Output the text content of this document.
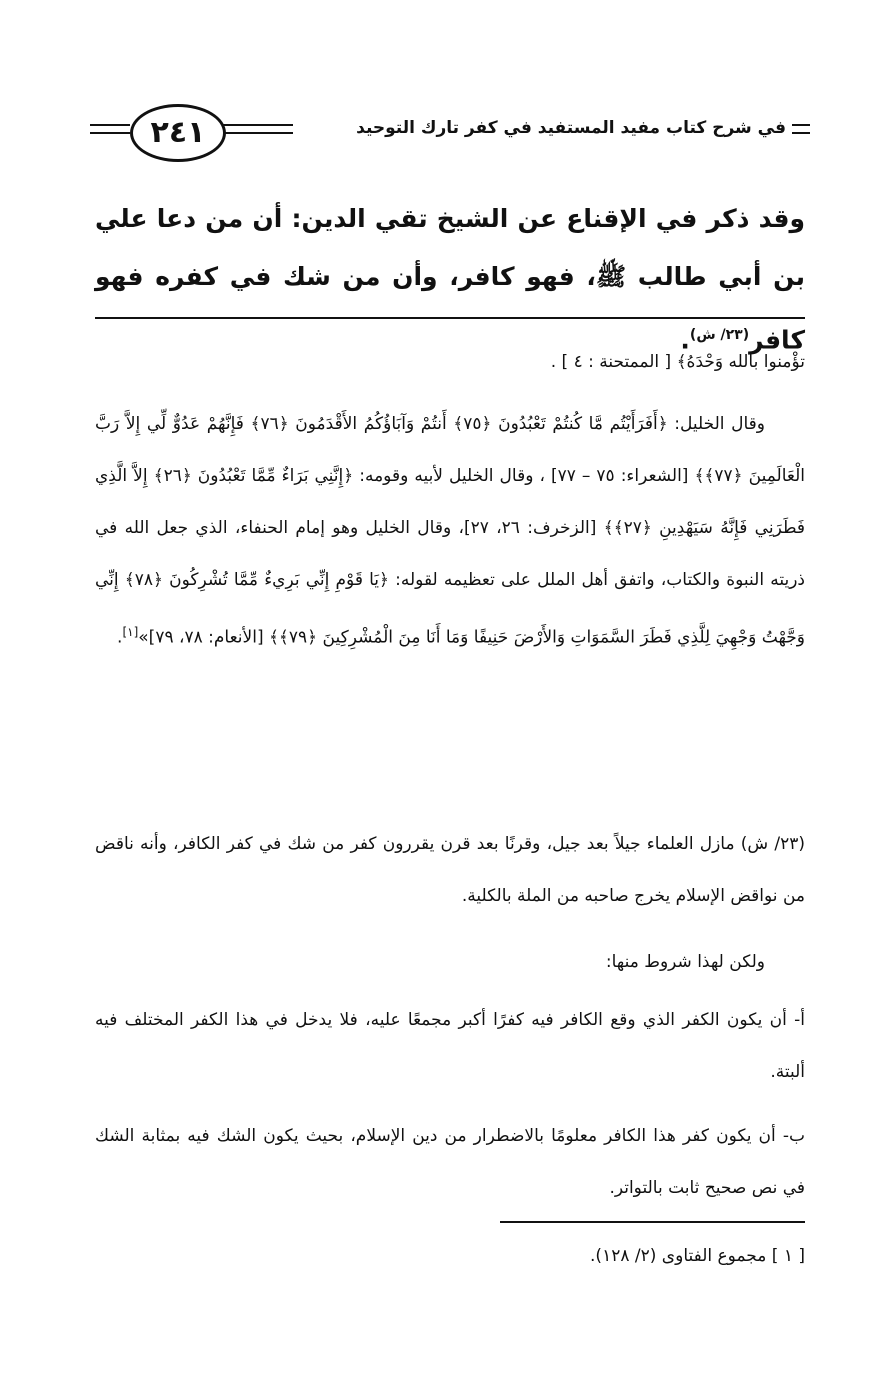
٢٤١	في شرح كتاب مفيد المستفيد في كفر تارك التوحيد
وقد ذكر في الإقناع عن الشيخ تقي الدين: أن من دعا علي بن أبي طالب ﷺ، فهو كافر، وأن من شك في كفره فهو كافر$^{(٢٣/ ش)}$.

تؤْمنوا بالله وَحْدَهُ﴾ [ الممتحنة : ٤ ] .

وقال الخليل: ﴿أَفَرَأَيْتُم مَّا كُنتُمْ تَعْبُدُونَ ﴿٧٥﴾ أَنتُمْ وَآبَاؤُكُمُ الأَقْدَمُونَ ﴿٧٦﴾ فَإِنَّهُمْ عَدُوٌّ لِّي إِلاَّ رَبَّ الْعَالَمِينَ ﴿٧٧﴾﴾ [الشعراء: ٧٥ – ٧٧] ، وقال الخليل لأبيه وقومه: ﴿إِنَّنِي بَرَاءٌ مِّمَّا تَعْبُدُونَ ﴿٢٦﴾ إِلاَّ الَّذِي فَطَرَنِي فَإِنَّهُ سَيَهْدِينِ ﴿٢٧﴾﴾ [الزخرف: ٢٦، ٢٧]، وقال الخليل وهو إمام الحنفاء، الذي جعل الله في ذريته النبوة والكتاب، واتفق أهل الملل على تعظيمه لقوله: ﴿يَا قَوْمِ إِنِّي بَرِيءٌ مِّمَّا تُشْرِكُونَ ﴿٧٨﴾ إِنِّي وَجَّهْتُ وَجْهِيَ لِلَّذِي فَطَرَ السَّمَوَاتِ وَالأَرْضَ حَنِيفًا وَمَا أَنَا مِنَ الْمُشْرِكِينَ ﴿٧٩﴾﴾ [الأنعام: ٧٨، ٧٩]»[١].

(٢٣/ ش) مازل العلماء جيلاً بعد جيل، وقرنًا بعد قرن يقررون كفر من شك في كفر الكافر، وأنه ناقض من نواقض الإسلام يخرج صاحبه من الملة بالكلية.

ولكن لهذا شروط منها:

أ- أن يكون الكفر الذي وقع الكافر فيه كفرًا أكبر مجمعًا عليه، فلا يدخل في هذا الكفر المختلف فيه ألبتة.

ب- أن يكون كفر هذا الكافر معلومًا بالاضطرار من دين الإسلام، بحيث يكون الشك فيه بمثابة الشك في نص صحيح ثابت بالتواتر.

[ ١ ] مجموع الفتاوى (٢/ ١٢٨).
